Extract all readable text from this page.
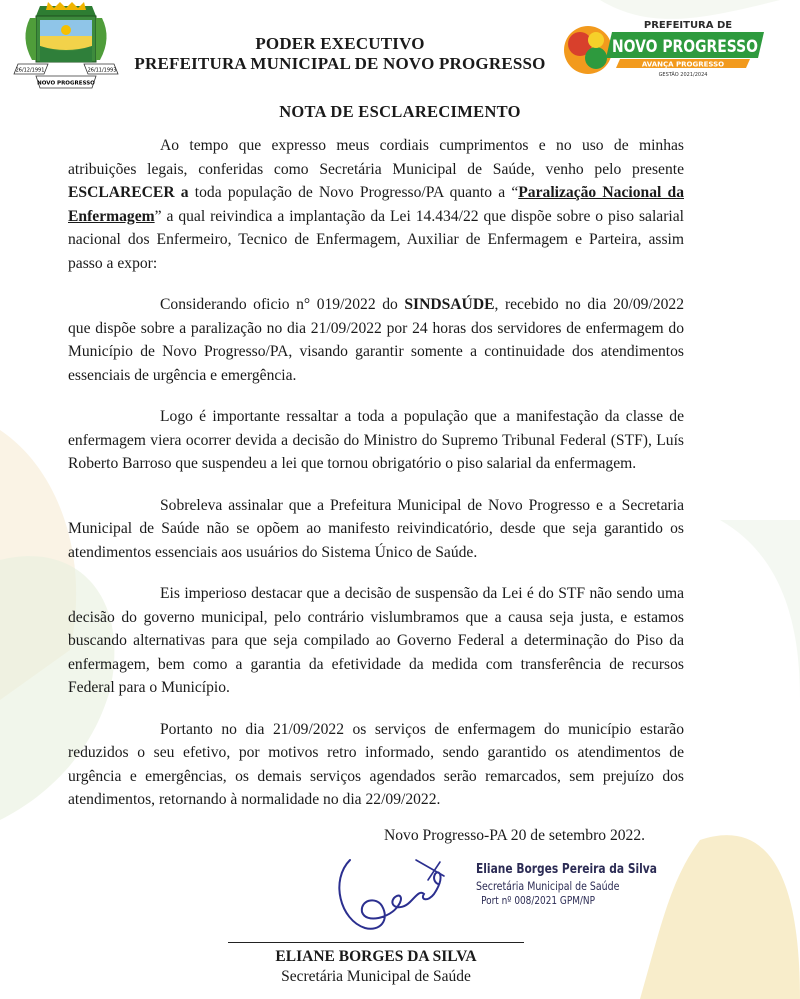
26/12/1991	26/11/1993
NOVO PROGRESSO
PODER EXECUTIVO
PREFEITURA MUNICIPAL DE NOVO PROGRESSO
PREFEITURA DE
NOVO PROGRESSO
AVANÇA PROGRESSO
GESTÃO 2021/2024
NOTA DE ESCLARECIMENTO

Ao tempo que expresso meus cordiais cumprimentos e no uso de minhas atribuições legais, conferidas como Secretária Municipal de Saúde, venho pelo presente ESCLARECER a toda população de Novo Progresso/PA quanto a “Paralização Nacional da Enfermagem” a qual reivindica a implantação da Lei 14.434/22 que dispõe sobre o piso salarial nacional dos Enfermeiro, Tecnico de Enfermagem, Auxiliar de Enfermagem e Parteira, assim passo a expor:

Considerando oficio n° 019/2022 do SINDSAÚDE, recebido no dia 20/09/2022 que dispõe sobre a paralização no dia 21/09/2022 por 24 horas dos servidores de enfermagem do Município de Novo Progresso/PA, visando garantir somente a continuidade dos atendimentos essenciais de urgência e emergência.

Logo é importante ressaltar a toda a população que a manifestação da classe de enfermagem viera ocorrer devida a decisão do Ministro do Supremo Tribunal Federal (STF), Luís Roberto Barroso que suspendeu a lei que tornou obrigatório o piso salarial da enfermagem.

Sobreleva assinalar que a Prefeitura Municipal de Novo Progresso e a Secretaria Municipal de Saúde não se opõem ao manifesto reivindicatório, desde que seja garantido os atendimentos essenciais aos usuários do Sistema Único de Saúde.

Eis imperioso destacar que a decisão de suspensão da Lei é do STF não sendo uma decisão do governo municipal, pelo contrário vislumbramos que a causa seja justa, e estamos buscando alternativas para que seja compilado ao Governo Federal a determinação do Piso da enfermagem, bem como a garantia da efetividade da medida com transferência de recursos Federal para o Município.

Portanto no dia 21/09/2022 os serviços de enfermagem do município estarão reduzidos o seu efetivo, por motivos retro informado, sendo garantido os atendimentos de urgência e emergências, os demais serviços agendados serão remarcados, sem prejuízo dos atendimentos, retornando à normalidade no dia 22/09/2022.

Novo Progresso-PA 20 de setembro 2022.
Eliane Borges Pereira da Silva
Secretária Municipal de Saúde
Port nº 008/2021 GPM/NP
ELIANE BORGES DA SILVA
Secretária Municipal de Saúde
